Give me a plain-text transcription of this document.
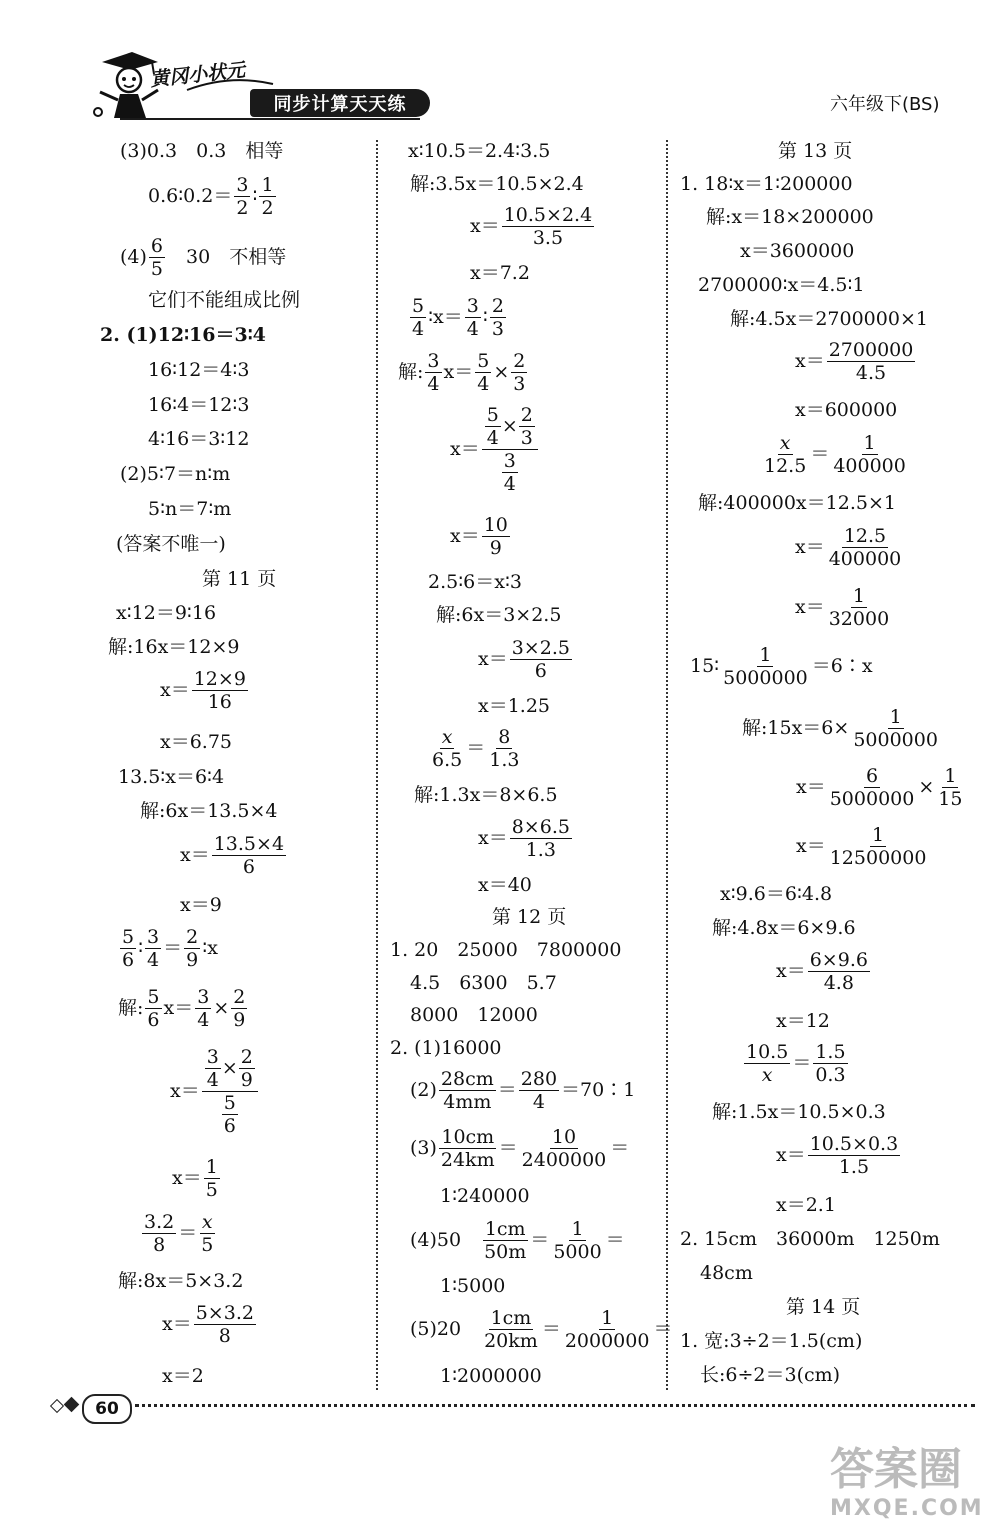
黄冈小状元
同步计算天天练	六年级下(BS)
(3)0.3　0.3　相等
0.6∶0.2＝ $\frac{3}{2}$ ∶ $\frac{1}{2}$
$(4) \frac{6}{5}$ 　30　不相等
它们不能组成比例
2. (1)12∶16＝3∶4
16∶12＝4∶3
16∶4＝12∶3
4∶16＝3∶12
(2)5∶7＝n∶m
5∶n＝7∶m
(答案不唯一)
第 11 页
x∶12＝9∶16
解:16x＝12×9
$x= \frac{12\times 9}{16}$
x＝6.75
13.5∶x＝6∶4
解:6x＝13.5×4
$x= \frac{13.5\times 4}{6}$
x＝9
$\frac{5}{6}$ ∶ $\frac{3}{4} = \frac{2}{9}$ ∶x
解: $\frac{5}{6} x= \frac{3}{4} \times \frac{2}{9}$
$x= \frac{\frac{3}{4} \times \frac{2}{9}}{\frac{5}{6}}$
$x= \frac{1}{5}$
$\frac{3.2}{8} = \frac{x}{5}$
解:8x＝5×3.2
$x= \frac{5\times 3.2}{8}$
x＝2
x∶10.5＝2.4∶3.5
解:3.5x＝10.5×2.4
$x= \frac{10.5\times 2.4}{3.5}$
x＝7.2
$\frac{5}{4}$ ∶x＝ $\frac{3}{4}$ ∶ $\frac{2}{3}$
解: $\frac{3}{4} x= \frac{5}{4} \times \frac{2}{3}$
$x= \frac{\frac{5}{4} \times \frac{2}{3}}{\frac{3}{4}}$
$x= \frac{10}{9}$
2.5∶6＝x∶3
解:6x＝3×2.5
$x= \frac{3\times 2.5}{6}$
x＝1.25
$\frac{x}{6.5} = \frac{8}{1.3}$
解:1.3x＝8×6.5
$x= \frac{8\times 6.5}{1.3}$
x＝40
第 12 页
1. 20　25000　7800000
4.5　6300　5.7
8000　12000
2. (1)16000
$(2) \frac{28cm}{4mm} = \frac{280}{4}$ ＝70∶1
$(3) \frac{10cm}{24km} = \frac{10}{2400000}$ ＝
1∶240000
(4)50　 $\frac{1cm}{50m} = \frac{1}{5000}$ ＝
1∶5000
(5)20　 $\frac{1cm}{20km} = \frac{1}{2000000}$ ＝
1∶2000000
第 13 页
1. 18∶x＝1∶200000
解:x＝18×200000
x＝3600000
2700000∶x＝4.5∶1
解:4.5x＝2700000×1
$x= \frac{2700000}{4.5}$
x＝600000
$\frac{x}{12.5} = \frac{1}{400000}$
解:400000x＝12.5×1
$x= \frac{12.5}{400000}$
$x= \frac{1}{32000}$
15∶ $\frac{1}{5000000}$ ＝6∶x
解:15x＝6× $\frac{1}{5000000}$
$x= \frac{6}{5000000} \times \frac{1}{15}$
$x= \frac{1}{12500000}$
x∶9.6＝6∶4.8
解:4.8x＝6×9.6
$x= \frac{6\times 9.6}{4.8}$
x＝12
$\frac{10.5}{x} = \frac{1.5}{0.3}$
解:1.5x＝10.5×0.3
$x= \frac{10.5\times 0.3}{1.5}$
x＝2.1
2. 15cm　36000m　1250m
48cm
第 14 页
1. 宽:3÷2＝1.5(cm)
长:6÷2＝3(cm)
60
答案圈
MXQE.COM
